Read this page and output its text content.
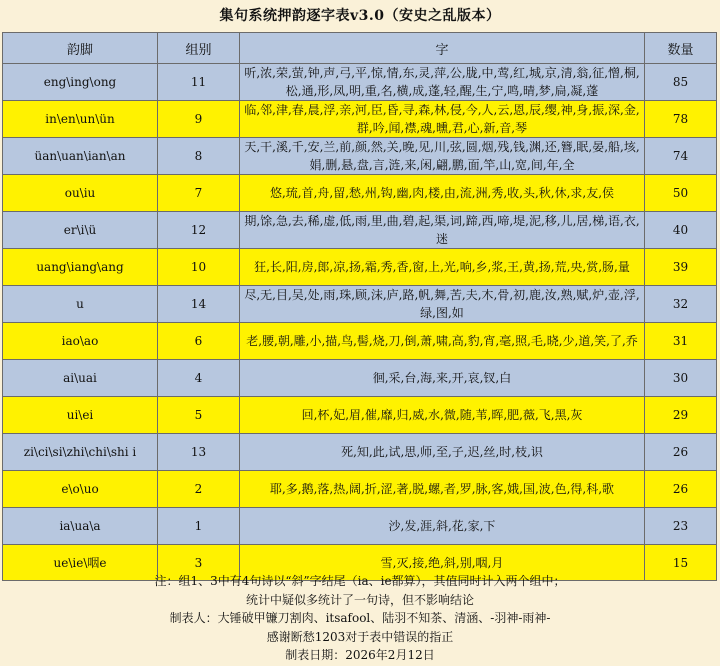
集句系统押韵逐字表v3.0（安史之乱版本）
韵脚	组别	字	数量
eng\ing\ong	11	听,浓,荣,萤,钟,声,弓,平,惊,情,东,灵,萍,公,胧,中,莺,红,城,京,清,翁,征,憎,桐,松,通,形,凤,明,重,名,横,成,蓬,轻,醒,生,宁,鸣,晴,梦,扃,凝,蓬	85
in\en\un\ün	9	临,邻,津,春,晨,浮,亲,河,臣,昏,寻,森,林,侵,今,人,云,恩,辰,缨,神,身,振,深,金,群,吟,闻,襟,魂,曛,君,心,新,音,琴	78
üan\uan\ian\an	8	天,干,溪,千,安,兰,前,颜,然,关,晚,见,川,弦,圆,烟,残,钱,渊,还,簪,眠,晏,船,垓,娟,删,悬,盘,言,涟,来,闲,翩,鹏,面,竿,山,宽,间,年,全	74
ou\iu	7	悠,琉,首,舟,留,愁,州,钩,幽,肉,楼,由,流,洲,秀,收,头,秋,休,求,友,侯	50
er\i\ü	12	期,馀,急,去,稀,虚,低,雨,里,曲,碧,起,渠,词,蹄,西,啼,堤,泥,移,儿,居,梯,语,衣,迷	40
uang\iang\ang	10	狂,长,阳,房,郎,凉,扬,霜,秀,香,窗,上,光,响,乡,浆,王,黄,扬,荒,央,赏,肠,量	39
u	14	尽,无,目,吴,处,雨,珠,顾,沫,庐,路,帆,舞,苦,夫,木,骨,初,鹿,汝,熟,赋,炉,壶,浮,绿,图,如	32
iao\ao	6	老,腰,朝,雕,小,描,鸟,髻,烧,刀,倒,萧,啸,高,豹,宵,毫,照,毛,晓,少,道,笑,了,乔	31
ai\uai	4	徊,采,台,海,来,开,哀,钗,白	30
ui\ei	5	回,杯,妃,眉,催,靡,归,威,水,微,随,苇,晖,肥,薇,飞,黑,灰	29
zi\ci\si\zhi\chi\shi i	13	死,知,此,试,思,师,至,子,迟,丝,时,枝,识	26
e\o\uo	2	耶,多,鹅,落,热,阔,折,涩,著,脱,螺,者,罗,脉,客,娥,国,波,色,得,科,歌	26
ia\ua\a	1	沙,发,涯,斜,花,家,下	23
ue\ie\咽e	3	雪,灭,接,绝,斜,别,咽,月	15
注：组1、3中有4句诗以“斜”字结尾（ia、ie都算），其值同时计入两个组中；
统计中疑似多统计了一句诗，但不影响结论
制表人：大锤破甲镰刀割肉、itsafool、陆羽不知茶、清涵、-羽神-雨神-
感谢断愁1203对于表中错误的指正
制表日期：2026年2月12日
